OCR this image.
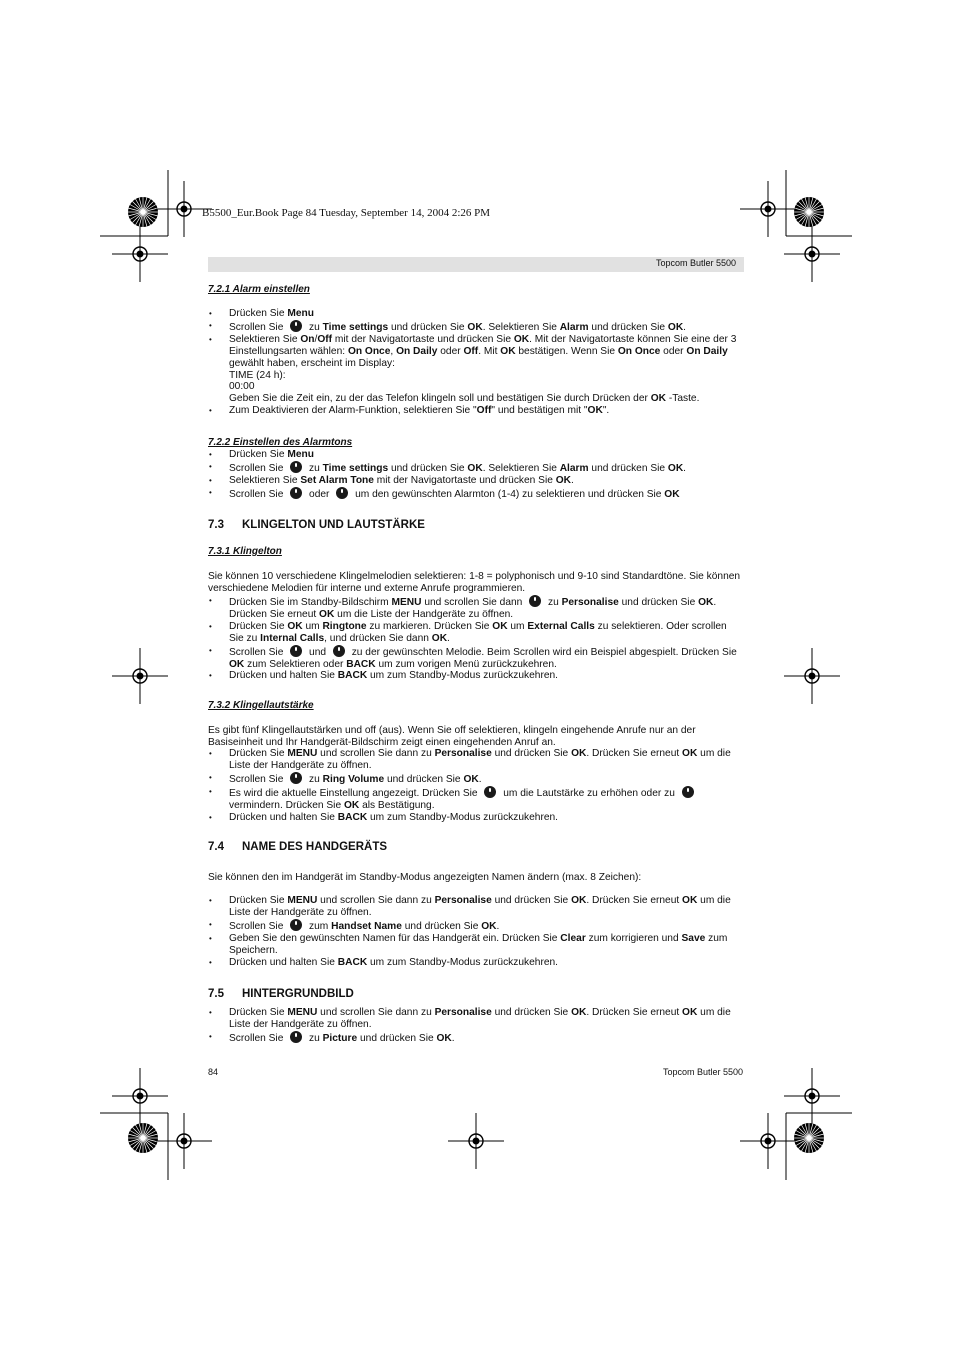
B5500_Eur.Book Page 84 Tuesday, September 14, 2004 2:26 PM
Topcom Butler 5500
7.2.1 Alarm einstellen
• Drücken Sie Menu
• Scrollen Sie  zu Time settings und drücken Sie OK. Selektieren Sie Alarm und drücken Sie OK.
• Selektieren Sie On/Off mit der Navigatortaste und drücken Sie OK. Mit der Navigatortaste können Sie eine der 3 Einstellungsarten wählen: On Once, On Daily oder Off. Mit OK bestätigen. Wenn Sie On Once oder On Daily gewählt haben, erscheint im Display:
TIME (24 h):
00:00
Geben Sie die Zeit ein, zu der das Telefon klingeln soll und bestätigen Sie durch Drücken der OK -Taste.
• Zum Deaktivieren der Alarm-Funktion, selektieren Sie "Off" und bestätigen mit "OK".
7.2.2 Einstellen des Alarmtons
• Drücken Sie Menu
• Scrollen Sie  zu Time settings und drücken Sie OK. Selektieren Sie Alarm und drücken Sie OK.
• Selektieren Sie Set Alarm Tone mit der Navigatortaste und drücken Sie OK.
• Scrollen Sie  oder  um den gewünschten Alarmton (1-4) zu selektieren und drücken Sie OK
7.3 KLINGELTON UND LAUTSTÄRKE
7.3.1 Klingelton

Sie können 10 verschiedene Klingelmelodien selektieren: 1-8 = polyphonisch und 9-10 sind Standardtöne. Sie können verschiedene Melodien für interne und externe Anrufe programmieren.

• Drücken Sie im Standby-Bildschirm MENU und scrollen Sie dann  zu Personalise und drücken Sie OK. Drücken Sie erneut OK um die Liste der Handgeräte zu öffnen.
• Drücken Sie OK um Ringtone zu markieren. Drücken Sie OK um External Calls zu selektieren. Oder scrollen Sie zu Internal Calls, und drücken Sie dann OK.
• Scrollen Sie  und  zu der gewünschten Melodie. Beim Scrollen wird ein Beispiel abgespielt. Drücken Sie OK zum Selektieren oder BACK um zum vorigen Menü zurückzukehren.
• Drücken und halten Sie BACK um zum Standby-Modus zurückzukehren.
7.3.2 Klingellautstärke

Es gibt fünf Klingellautstärken und off (aus). Wenn Sie off selektieren, klingeln eingehende Anrufe nur an der Basiseinheit und Ihr Handgerät-Bildschirm zeigt einen eingehenden Anruf an.

• Drücken Sie MENU und scrollen Sie dann zu Personalise und drücken Sie OK. Drücken Sie erneut OK um die Liste der Handgeräte zu öffnen.
• Scrollen Sie  zu Ring Volume und drücken Sie OK.
• Es wird die aktuelle Einstellung angezeigt. Drücken Sie  um die Lautstärke zu erhöhen oder zu  vermindern. Drücken Sie OK als Bestätigung.
• Drücken und halten Sie BACK um zum Standby-Modus zurückzukehren.
7.4 NAME DES HANDGERÄTS

Sie können den im Handgerät im Standby-Modus angezeigten Namen ändern (max. 8 Zeichen):

• Drücken Sie MENU und scrollen Sie dann zu Personalise und drücken Sie OK. Drücken Sie erneut OK um die Liste der Handgeräte zu öffnen.
• Scrollen Sie  zum Handset Name und drücken Sie OK.
• Geben Sie den gewünschten Namen für das Handgerät ein. Drücken Sie Clear zum korrigieren und Save zum Speichern.
• Drücken und halten Sie BACK um zum Standby-Modus zurückzukehren.
7.5 HINTERGRUNDBILD
• Drücken Sie MENU und scrollen Sie dann zu Personalise und drücken Sie OK. Drücken Sie erneut OK um die Liste der Handgeräte zu öffnen.
• Scrollen Sie  zu Picture und drücken Sie OK.
84	Topcom Butler 5500
